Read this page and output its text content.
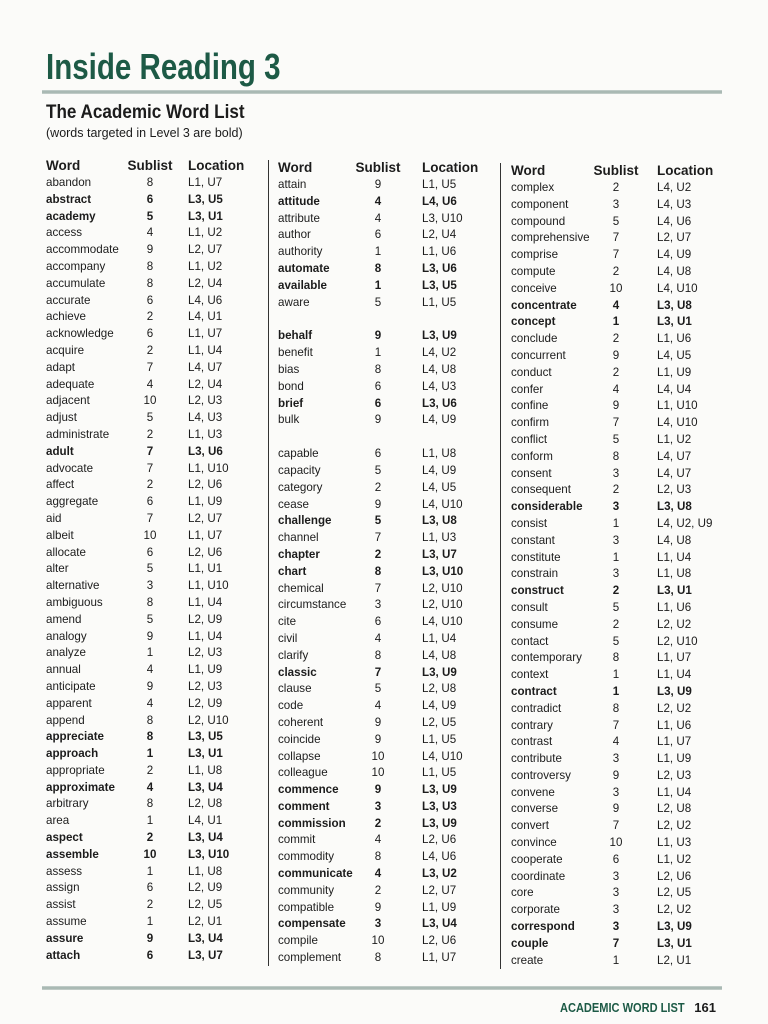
Inside Reading 3
The Academic Word List

(words targeted in Level 3 are bold)

Word	Sublist	Location
abandon	8	L1, U7
abstract	6	L3, U5
academy	5	L3, U1
access	4	L1, U2
accommodate	9	L2, U7
accompany	8	L1, U2
accumulate	8	L2, U4
accurate	6	L4, U6
achieve	2	L4, U1
acknowledge	6	L1, U7
acquire	2	L1, U4
adapt	7	L4, U7
adequate	4	L2, U4
adjacent	10	L2, U3
adjust	5	L4, U3
administrate	2	L1, U3
adult	7	L3, U6
advocate	7	L1, U10
affect	2	L2, U6
aggregate	6	L1, U9
aid	7	L2, U7
albeit	10	L1, U7
allocate	6	L2, U6
alter	5	L1, U1
alternative	3	L1, U10
ambiguous	8	L1, U4
amend	5	L2, U9
analogy	9	L1, U4
analyze	1	L2, U3
annual	4	L1, U9
anticipate	9	L2, U3
apparent	4	L2, U9
append	8	L2, U10
appreciate	8	L3, U5
approach	1	L3, U1
appropriate	2	L1, U8
approximate	4	L3, U4
arbitrary	8	L2, U8
area	1	L4, U1
aspect	2	L3, U4
assemble	10	L3, U10
assess	1	L1, U8
assign	6	L2, U9
assist	2	L2, U5
assume	1	L2, U1
assure	9	L3, U4
attach	6	L3, U7
Word	Sublist	Location
attain	9	L1, U5
attitude	4	L4, U6
attribute	4	L3, U10
author	6	L2, U4
authority	1	L1, U6
automate	8	L3, U6
available	1	L3, U5
aware	5	L1, U5
behalf	9	L3, U9
benefit	1	L4, U2
bias	8	L4, U8
bond	6	L4, U3
brief	6	L3, U6
bulk	9	L4, U9
capable	6	L1, U8
capacity	5	L4, U9
category	2	L4, U5
cease	9	L4, U10
challenge	5	L3, U8
channel	7	L1, U3
chapter	2	L3, U7
chart	8	L3, U10
chemical	7	L2, U10
circumstance	3	L2, U10
cite	6	L4, U10
civil	4	L1, U4
clarify	8	L4, U8
classic	7	L3, U9
clause	5	L2, U8
code	4	L4, U9
coherent	9	L2, U5
coincide	9	L1, U5
collapse	10	L4, U10
colleague	10	L1, U5
commence	9	L3, U9
comment	3	L3, U3
commission	2	L3, U9
commit	4	L2, U6
commodity	8	L4, U6
communicate	4	L3, U2
community	2	L2, U7
compatible	9	L1, U9
compensate	3	L3, U4
compile	10	L2, U6
complement	8	L1, U7
Word	Sublist	Location
complex	2	L4, U2
component	3	L4, U3
compound	5	L4, U6
comprehensive	7	L2, U7
comprise	7	L4, U9
compute	2	L4, U8
conceive	10	L4, U10
concentrate	4	L3, U8
concept	1	L3, U1
conclude	2	L1, U6
concurrent	9	L4, U5
conduct	2	L1, U9
confer	4	L4, U4
confine	9	L1, U10
confirm	7	L4, U10
conflict	5	L1, U2
conform	8	L4, U7
consent	3	L4, U7
consequent	2	L2, U3
considerable	3	L3, U8
consist	1	L4, U2, U9
constant	3	L4, U8
constitute	1	L1, U4
constrain	3	L1, U8
construct	2	L3, U1
consult	5	L1, U6
consume	2	L2, U2
contact	5	L2, U10
contemporary	8	L1, U7
context	1	L1, U4
contract	1	L3, U9
contradict	8	L2, U2
contrary	7	L1, U6
contrast	4	L1, U7
contribute	3	L1, U9
controversy	9	L2, U3
convene	3	L1, U4
converse	9	L2, U8
convert	7	L2, U2
convince	10	L1, U3
cooperate	6	L1, U2
coordinate	3	L2, U6
core	3	L2, U5
corporate	3	L2, U2
correspond	3	L3, U9
couple	7	L3, U1
create	1	L2, U1
ACADEMIC WORD LIST 161
